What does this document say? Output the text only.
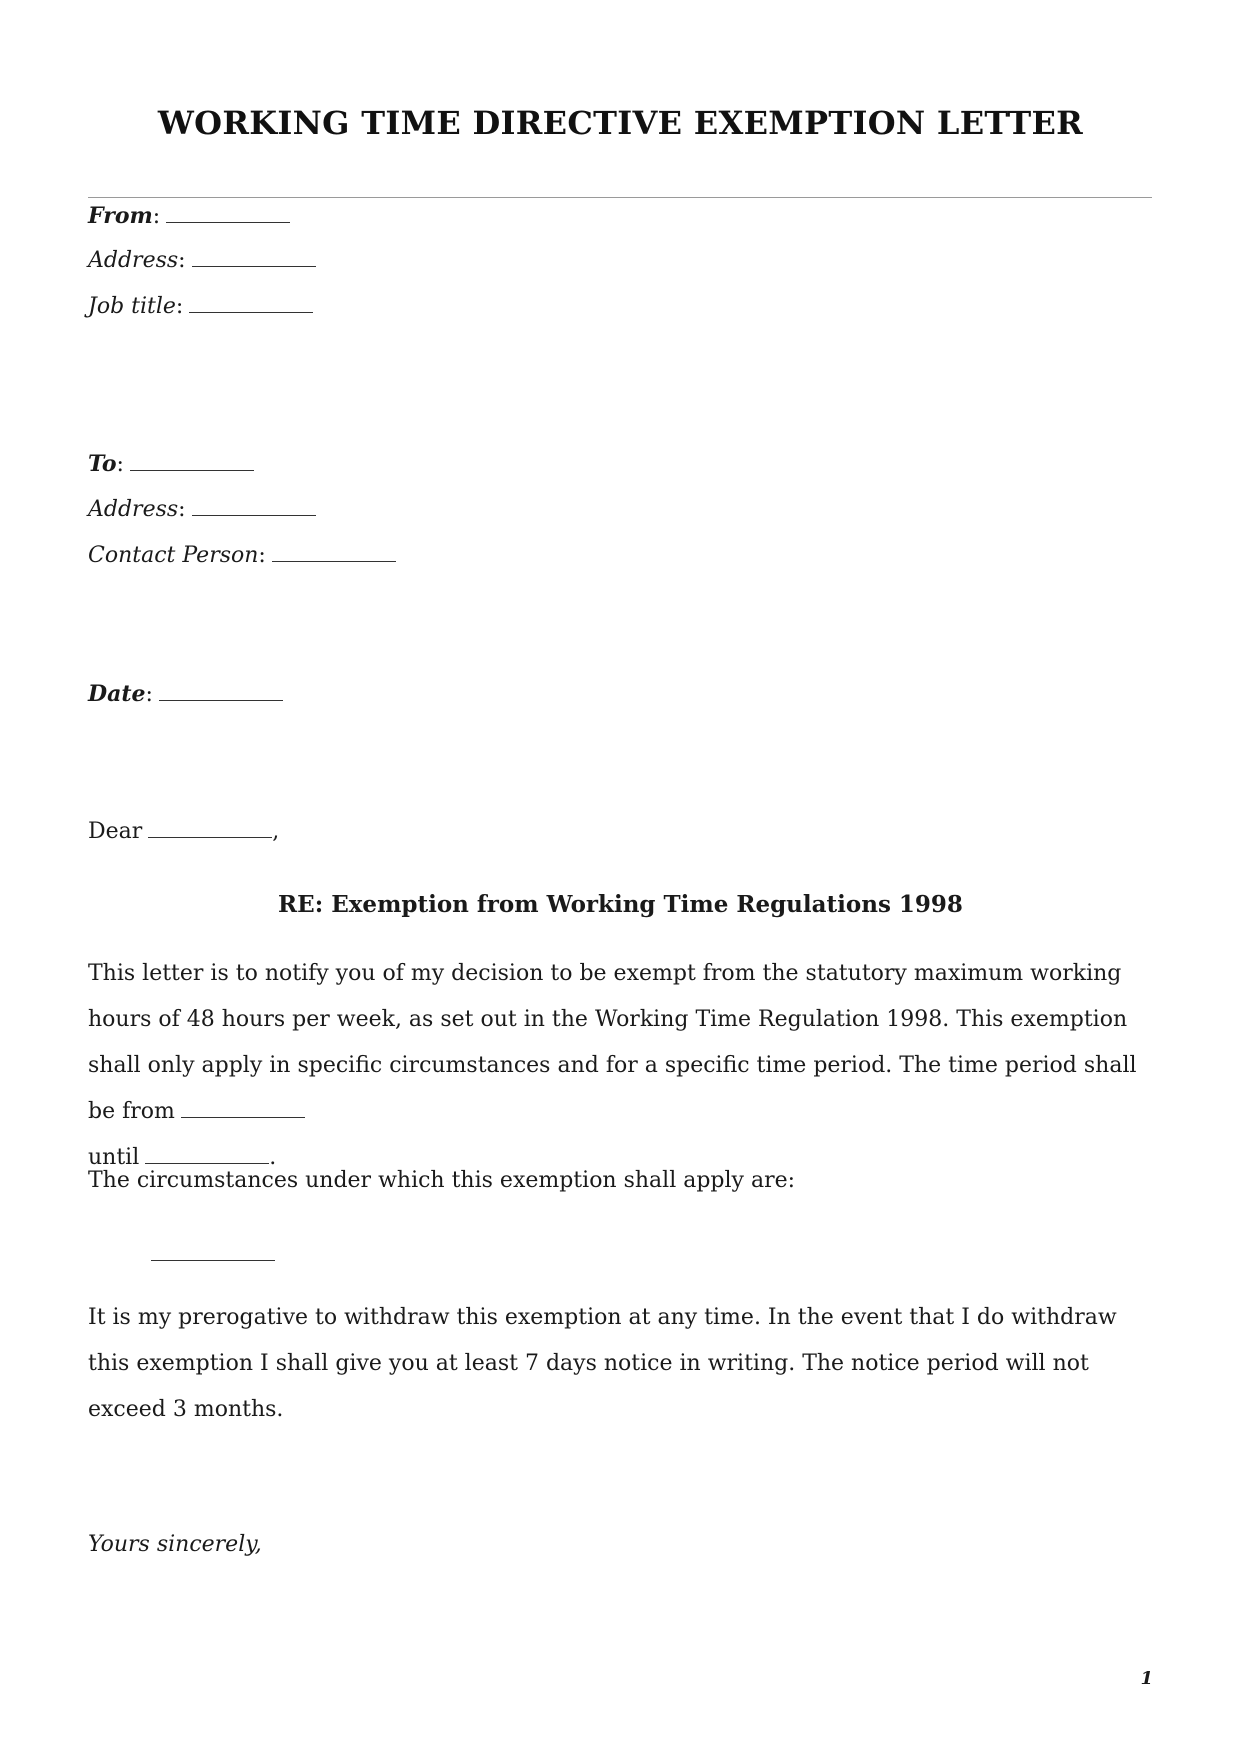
WORKING TIME DIRECTIVE EXEMPTION LETTER
From:
Address:
Job title:
To:
Address:
Contact Person:
Date:
Dear	,
RE: Exemption from Working Time Regulations 1998
This letter is to notify you of my decision to be exempt from the statutory maximum working hours of 48 hours per week, as set out in the Working Time Regulation 1998. This exemption shall only apply in specific circumstances and for a specific time period. The time period shall be from
until	.
The circumstances under which this exemption shall apply are:
It is my prerogative to withdraw this exemption at any time. In the event that I do withdraw this exemption I shall give you at least 7 days notice in writing. The notice period will not exceed 3 months.
Yours sincerely,
1
